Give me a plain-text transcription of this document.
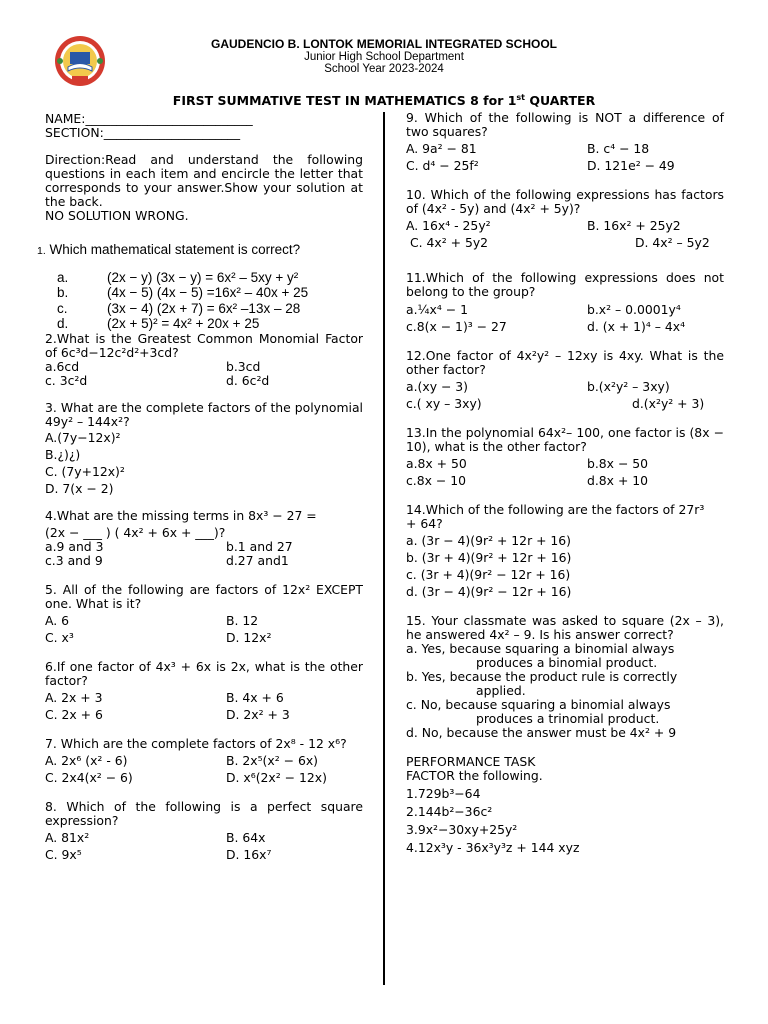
GAUDENCIO B. LONTOK MEMORIAL INTEGRATED SCHOOL
Junior High School Department
School Year 2023-2024
FIRST SUMMATIVE TEST IN MATHEMATICS 8 for 1st QUARTER
NAME:___________________________
SECTION:______________________
Direction:Read and understand the following questions in each item and encircle the letter that corresponds to your answer.Show your solution at the back.
NO SOLUTION WRONG.
1. Which mathematical statement is correct?
a.	(2x − y) (3x − y) = 6x² – 5xy + y²
b.	(4x − 5) (4x − 5) =16x² – 40x + 25
c.	(3x − 4) (2x + 7) = 6x² –13x – 28
d.	(2x + 5)² = 4x² + 20x + 25
2.What is the Greatest Common Monomial Factor of 6c³d−12c²d²+3cd?
a.6cd	b.3cd
c. 3c²d	d. 6c²d
3. What are the complete factors of the polynomial 49y² – 144x²?
A.(7y−12x)²
B.¿)¿)
C. (7y+12x)²
D. 7(x − 2)
4.What are the missing terms in 8x³ − 27 =
(2x − ___ ) ( 4x² + 6x + ___)?
a.9 and 3	b.1 and 27
c.3 and 9	d.27 and1
5. All of the following are factors of 12x² EXCEPT one. What is it?
A. 6	B. 12
C. x³	D. 12x²
6.If one factor of 4x³ + 6x is 2x, what is the other factor?
A. 2x + 3	B. 4x + 6
C. 2x + 6	D. 2x² + 3
7. Which are the complete factors of 2x⁸ - 12 x⁶?
A. 2x⁶ (x² - 6)	B. 2x⁵(x² − 6x)
C. 2x4(x² − 6)	D. x⁶(2x² − 12x)
8. Which of the following is a perfect square expression?
A. 81x²	B. 64x
C. 9x⁵	D. 16x⁷
9. Which of the following is NOT a difference of two squares?
A. 9a² − 81	B. c⁴ − 18
C. d⁴ − 25f²	D. 121e² − 49
10. Which of the following expressions has factors of (4x² - 5y) and (4x² + 5y)?
A. 16x⁴ - 25y²	B. 16x² + 25y2
C. 4x² + 5y2	D. 4x² – 5y2
11.Which of the following expressions does not belong to the group?
a.¼x⁴ − 1	b.x² – 0.0001y⁴
c.8(x − 1)³ − 27	d. (x + 1)⁴ – 4x⁴
12.One factor of 4x²y² – 12xy is 4xy. What is the other factor?
a.(xy − 3)	b.(x²y² – 3xy)
c.( xy – 3xy)	d.(x²y² + 3)
13.In the polynomial 64x²– 100, one factor is (8x − 10), what is the other factor?
a.8x + 50	b.8x − 50
c.8x − 10	d.8x + 10
14.Which of the following are the factors of 27r³ + 64?
a. (3r − 4)(9r² + 12r + 16)
b. (3r + 4)(9r² + 12r + 16)
c. (3r + 4)(9r² − 12r + 16)
d. (3r − 4)(9r² − 12r + 16)
15. Your classmate was asked to square (2x – 3), he answered 4x² – 9. Is his answer correct?
a. Yes, because squaring a binomial always
produces a binomial product.
b. Yes, because the product rule is correctly
applied.
c. No, because squaring a binomial always
produces a trinomial product.
d. No, because the answer must be 4x² + 9
PERFORMANCE TASK
FACTOR the following.
1.729b³−64
2.144b²−36c²
3.9x²−30xy+25y²
4.12x³y - 36x³y³z + 144 xyz
